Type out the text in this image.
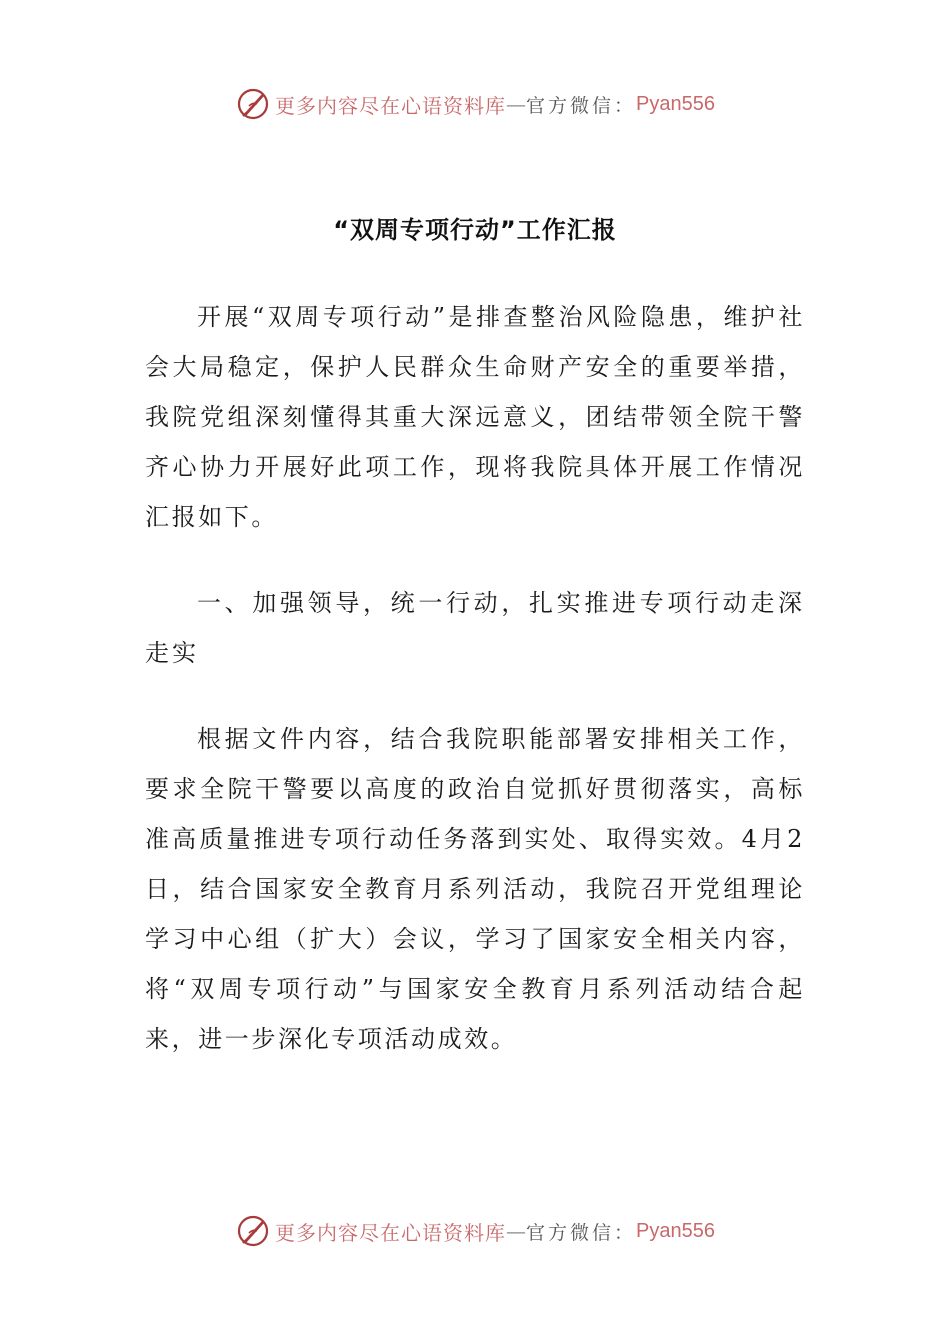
更多内容尽在心语资料库 — 官方微信： Pyan556
“双周专项行动”工作汇报

开展“双周专项行动”是排查整治风险隐患，维护社会大局稳定，保护人民群众生命财产安全的重要举措，我院党组深刻懂得其重大深远意义，团结带领全院干警齐心协力开展好此项工作，现将我院具体开展工作情况汇报如下。

一、加强领导，统一行动，扎实推进专项行动走深走实

根据文件内容，结合我院职能部署安排相关工作，要求全院干警要以高度的政治自觉抓好贯彻落实，高标准高质量推进专项行动任务落到实处、取得实效。4月2日，结合国家安全教育月系列活动，我院召开党组理论学习中心组（扩大）会议，学习了国家安全相关内容，将“双周专项行动”与国家安全教育月系列活动结合起来，进一步深化专项活动成效。

更多内容尽在心语资料库 — 官方微信： Pyan556
